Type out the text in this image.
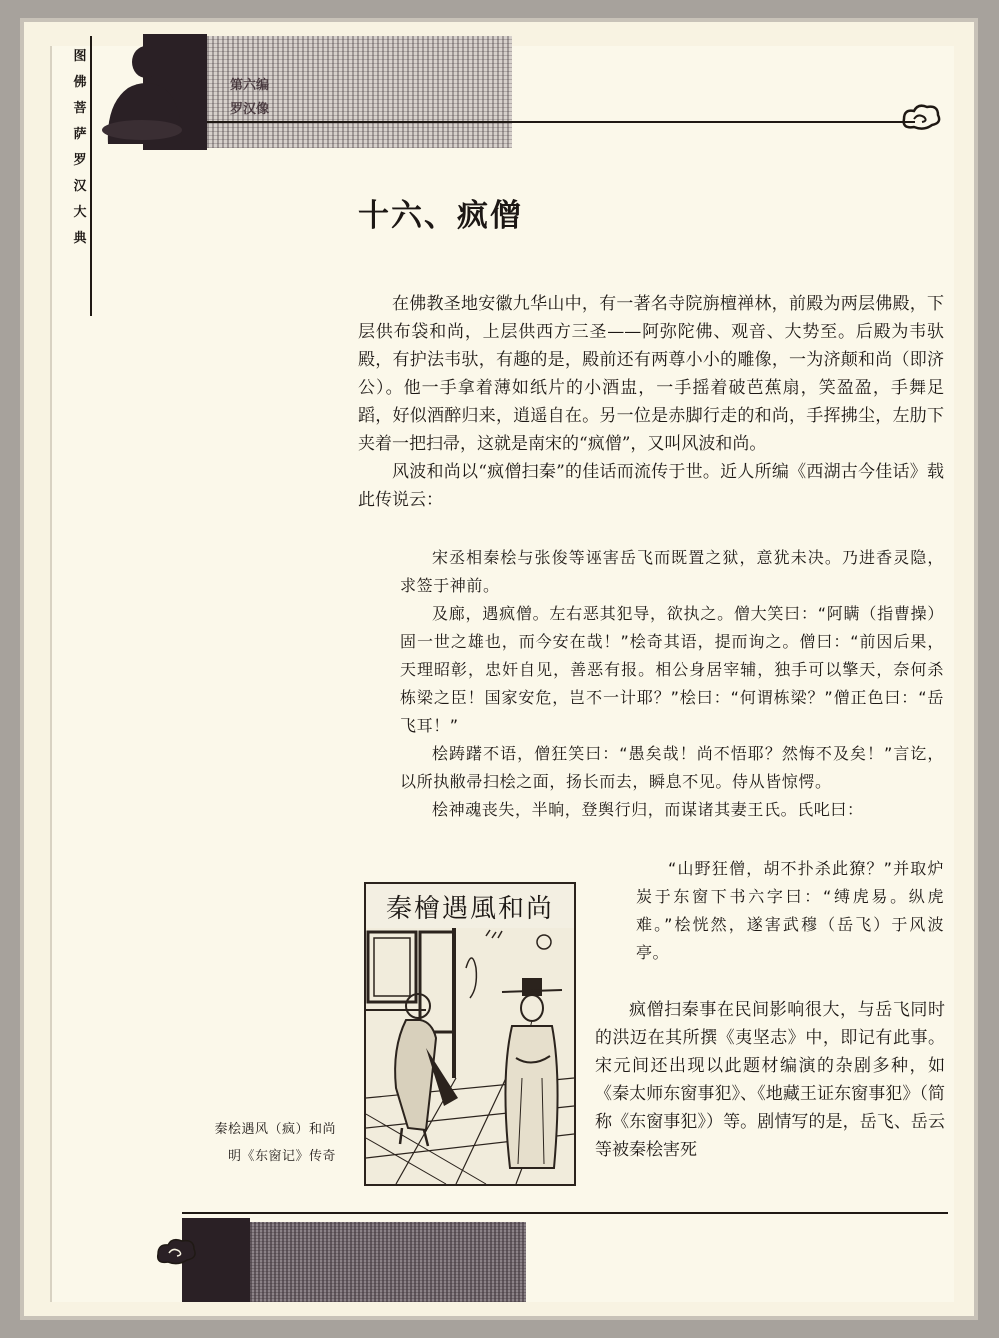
图
佛
菩
萨
罗
汉
大
典
第六编
罗汉像
十六、疯僧

在佛教圣地安徽九华山中，有一著名寺院旃檀禅林，前殿为两层佛殿，下层供布袋和尚，上层供西方三圣——阿弥陀佛、观音、大势至。后殿为韦驮殿，有护法韦驮，有趣的是，殿前还有两尊小小的雕像，一为济颠和尚（即济公）。他一手拿着薄如纸片的小酒盅，一手摇着破芭蕉扇，笑盈盈，手舞足蹈，好似酒醉归来，逍遥自在。另一位是赤脚行走的和尚，手挥拂尘，左肋下夹着一把扫帚，这就是南宋的“疯僧”，又叫风波和尚。

风波和尚以“疯僧扫秦”的佳话而流传于世。近人所编《西湖古今佳话》载此传说云：

宋丞相秦桧与张俊等诬害岳飞而既置之狱，意犹未决。乃进香灵隐，求签于神前。

及廊，遇疯僧。左右恶其犯导，欲执之。僧大笑曰：“阿瞒（指曹操）固一世之雄也，而今安在哉！”桧奇其语，提而询之。僧曰：“前因后果，天理昭彰，忠奸自见，善恶有报。相公身居宰辅，独手可以擎天，奈何杀栋梁之臣！国家安危，岂不一计耶？”桧曰：“何谓栋梁？”僧正色曰：“岳飞耳！”

桧踌躇不语，僧狂笑曰：“愚矣哉！尚不悟耶？然悔不及矣！”言讫，以所执敝帚扫桧之面，扬长而去，瞬息不见。侍从皆惊愕。

桧神魂丧失，半晌，登舆行归，而谋诸其妻王氏。氏叱曰：

“山野狂僧，胡不扑杀此獠？”并取炉炭于东窗下书六字曰：“缚虎易。纵虎难。”桧恍然，遂害武穆（岳飞）于风波亭。

疯僧扫秦事在民间影响很大，与岳飞同时的洪迈在其所撰《夷坚志》中，即记有此事。宋元间还出现以此题材编演的杂剧多种，如《秦太师东窗事犯》、《地藏王证东窗事犯》（简称《东窗事犯》）等。剧情写的是，岳飞、岳云等被秦桧害死

秦檜遇風和尚
秦桧遇风（疯）和尚
明《东窗记》传奇
